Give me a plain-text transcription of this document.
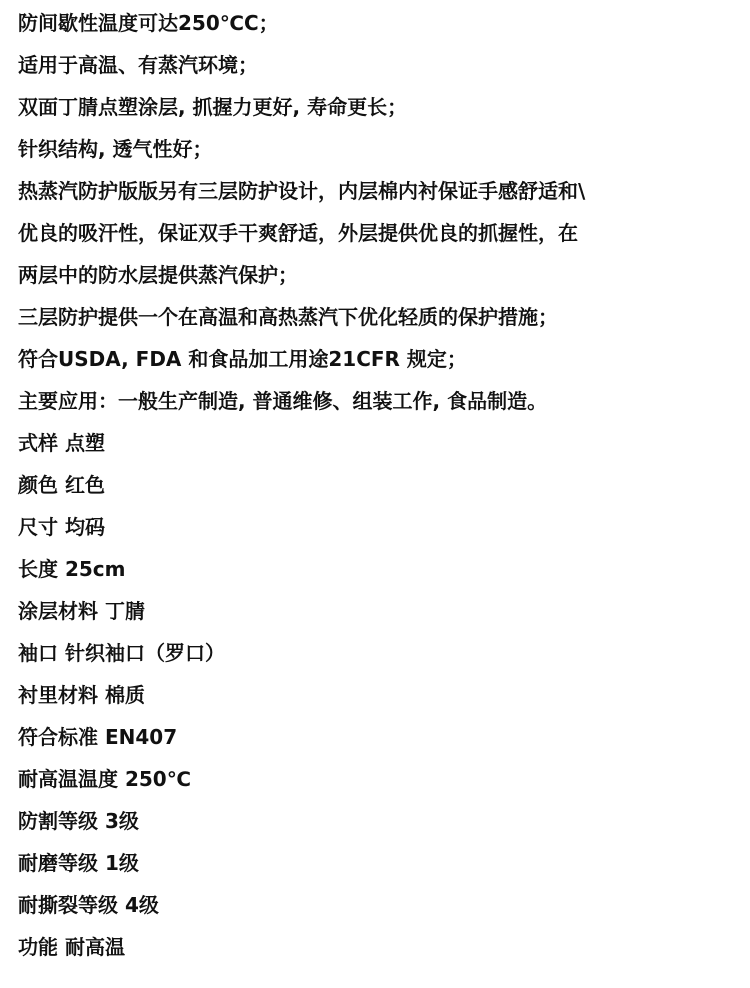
防间歇性温度可达250℃C；
适用于高温、有蒸汽环境；
双面丁腈点塑涂层, 抓握力更好, 寿命更长；
针织结构, 透气性好；
热蒸汽防护版版另有三层防护设计，内层棉内衬保证手感舒适和\
优良的吸汗性，保证双手干爽舒适，外层提供优良的抓握性，在
两层中的防水层提供蒸汽保护；
三层防护提供一个在高温和高热蒸汽下优化轻质的保护措施；
符合USDA, FDA 和食品加工用途21CFR 规定；
主要应用：一般生产制造, 普通维修、组装工作, 食品制造。
式样 点塑
颜色 红色
尺寸 均码
长度 25cm
涂层材料 丁腈
袖口 针织袖口（罗口）
衬里材料 棉质
符合标准 EN407
耐高温温度 250℃
防割等级 3级
耐磨等级 1级
耐撕裂等级 4级
功能 耐高温
